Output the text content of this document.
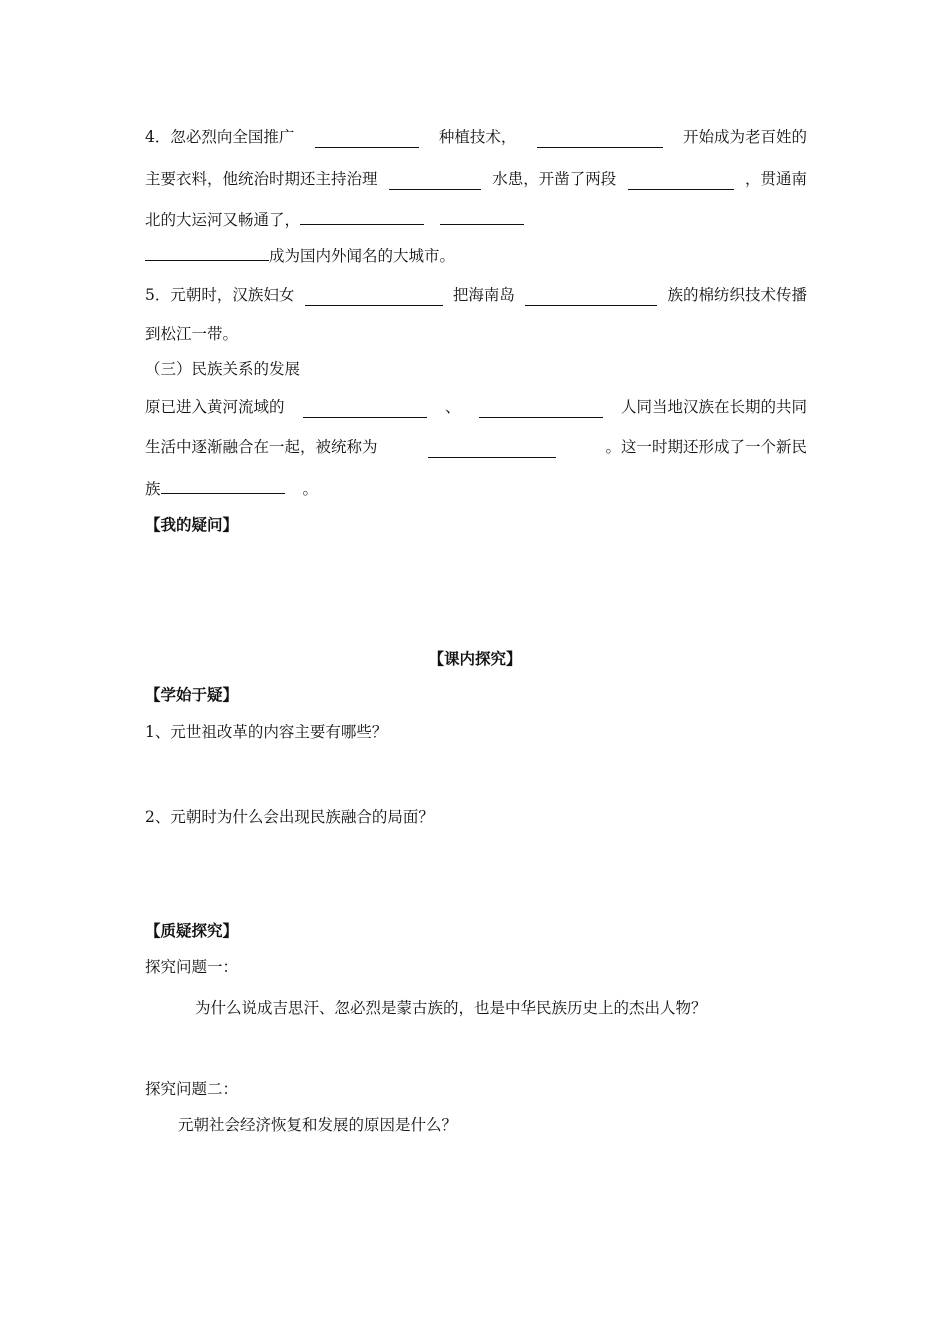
4．忽必烈向全国推广	种植技术，	开始成为老百姓的
主要衣料，他统治时期还主持治理	水患，开凿了两段	，贯通南
北的大运河又畅通了，
成为国内外闻名的大城市。
5．元朝时，汉族妇女	把海南岛	族的棉纺织技术传播
到松江一带。
（三）民族关系的发展
原已进入黄河流域的	、	人同当地汉族在长期的共同
生活中逐渐融合在一起，被统称为	。这一时期还形成了一个新民
族	。
【我的疑问】
【课内探究】
【学始于疑】
1、元世祖改革的内容主要有哪些？
2、元朝时为什么会出现民族融合的局面？
【质疑探究】
探究问题一：
为什么说成吉思汗、忽必烈是蒙古族的，也是中华民族历史上的杰出人物？
探究问题二：
元朝社会经济恢复和发展的原因是什么？
